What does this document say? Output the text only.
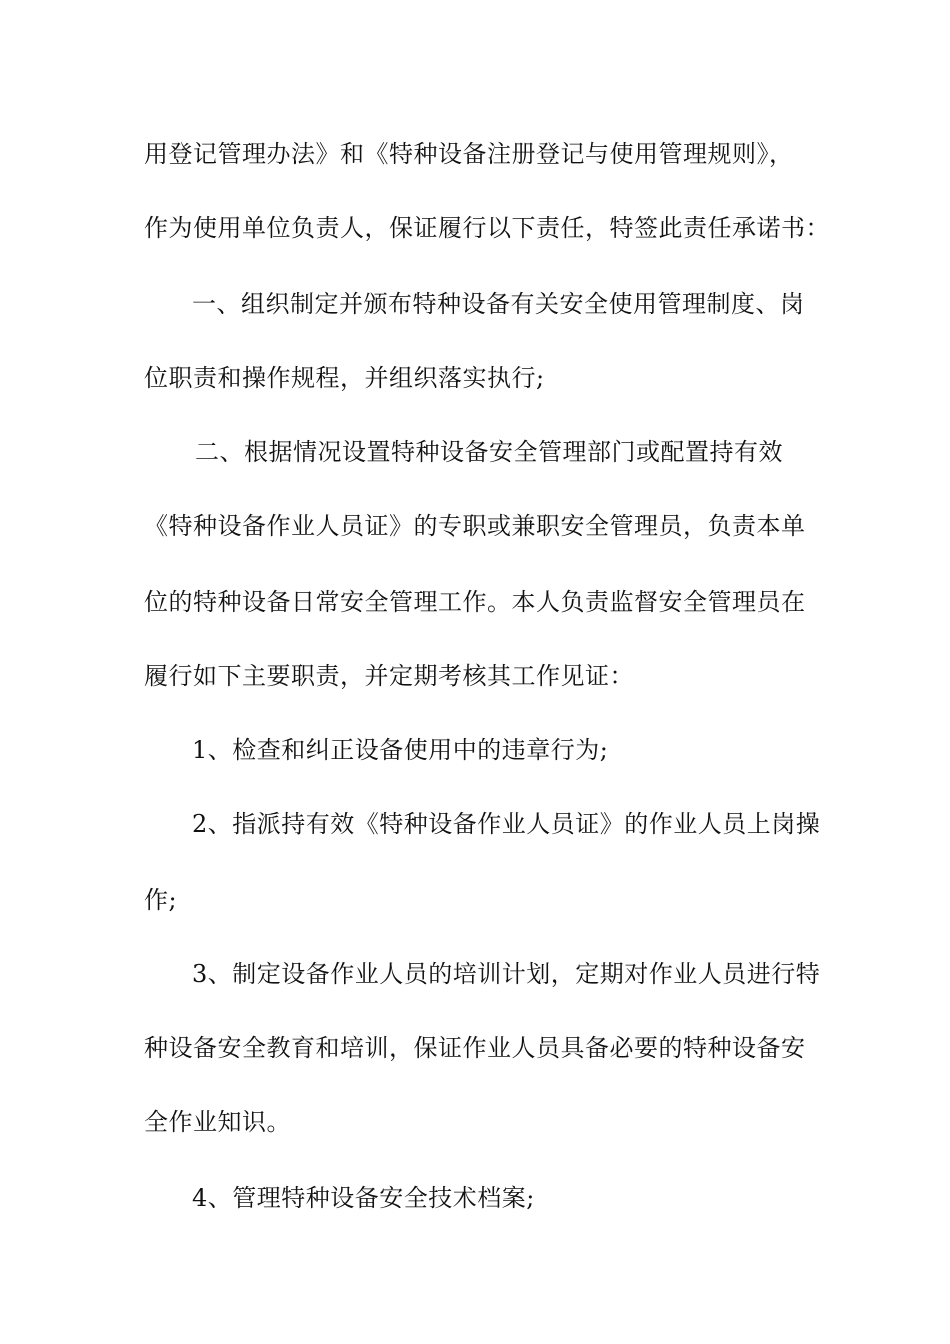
用登记管理办法》和《特种设备注册登记与使用管理规则》，

作为使用单位负责人，保证履行以下责任，特签此责任承诺书：

一、组织制定并颁布特种设备有关安全使用管理制度、岗

位职责和操作规程，并组织落实执行;

二、根据情况设置特种设备安全管理部门或配置持有效

《特种设备作业人员证》的专职或兼职安全管理员，负责本单

位的特种设备日常安全管理工作。本人负责监督安全管理员在

履行如下主要职责，并定期考核其工作见证：

1、检查和纠正设备使用中的违章行为;

2、指派持有效《特种设备作业人员证》的作业人员上岗操

作;

3、制定设备作业人员的培训计划，定期对作业人员进行特

种设备安全教育和培训，保证作业人员具备必要的特种设备安

全作业知识。

4、管理特种设备安全技术档案;
